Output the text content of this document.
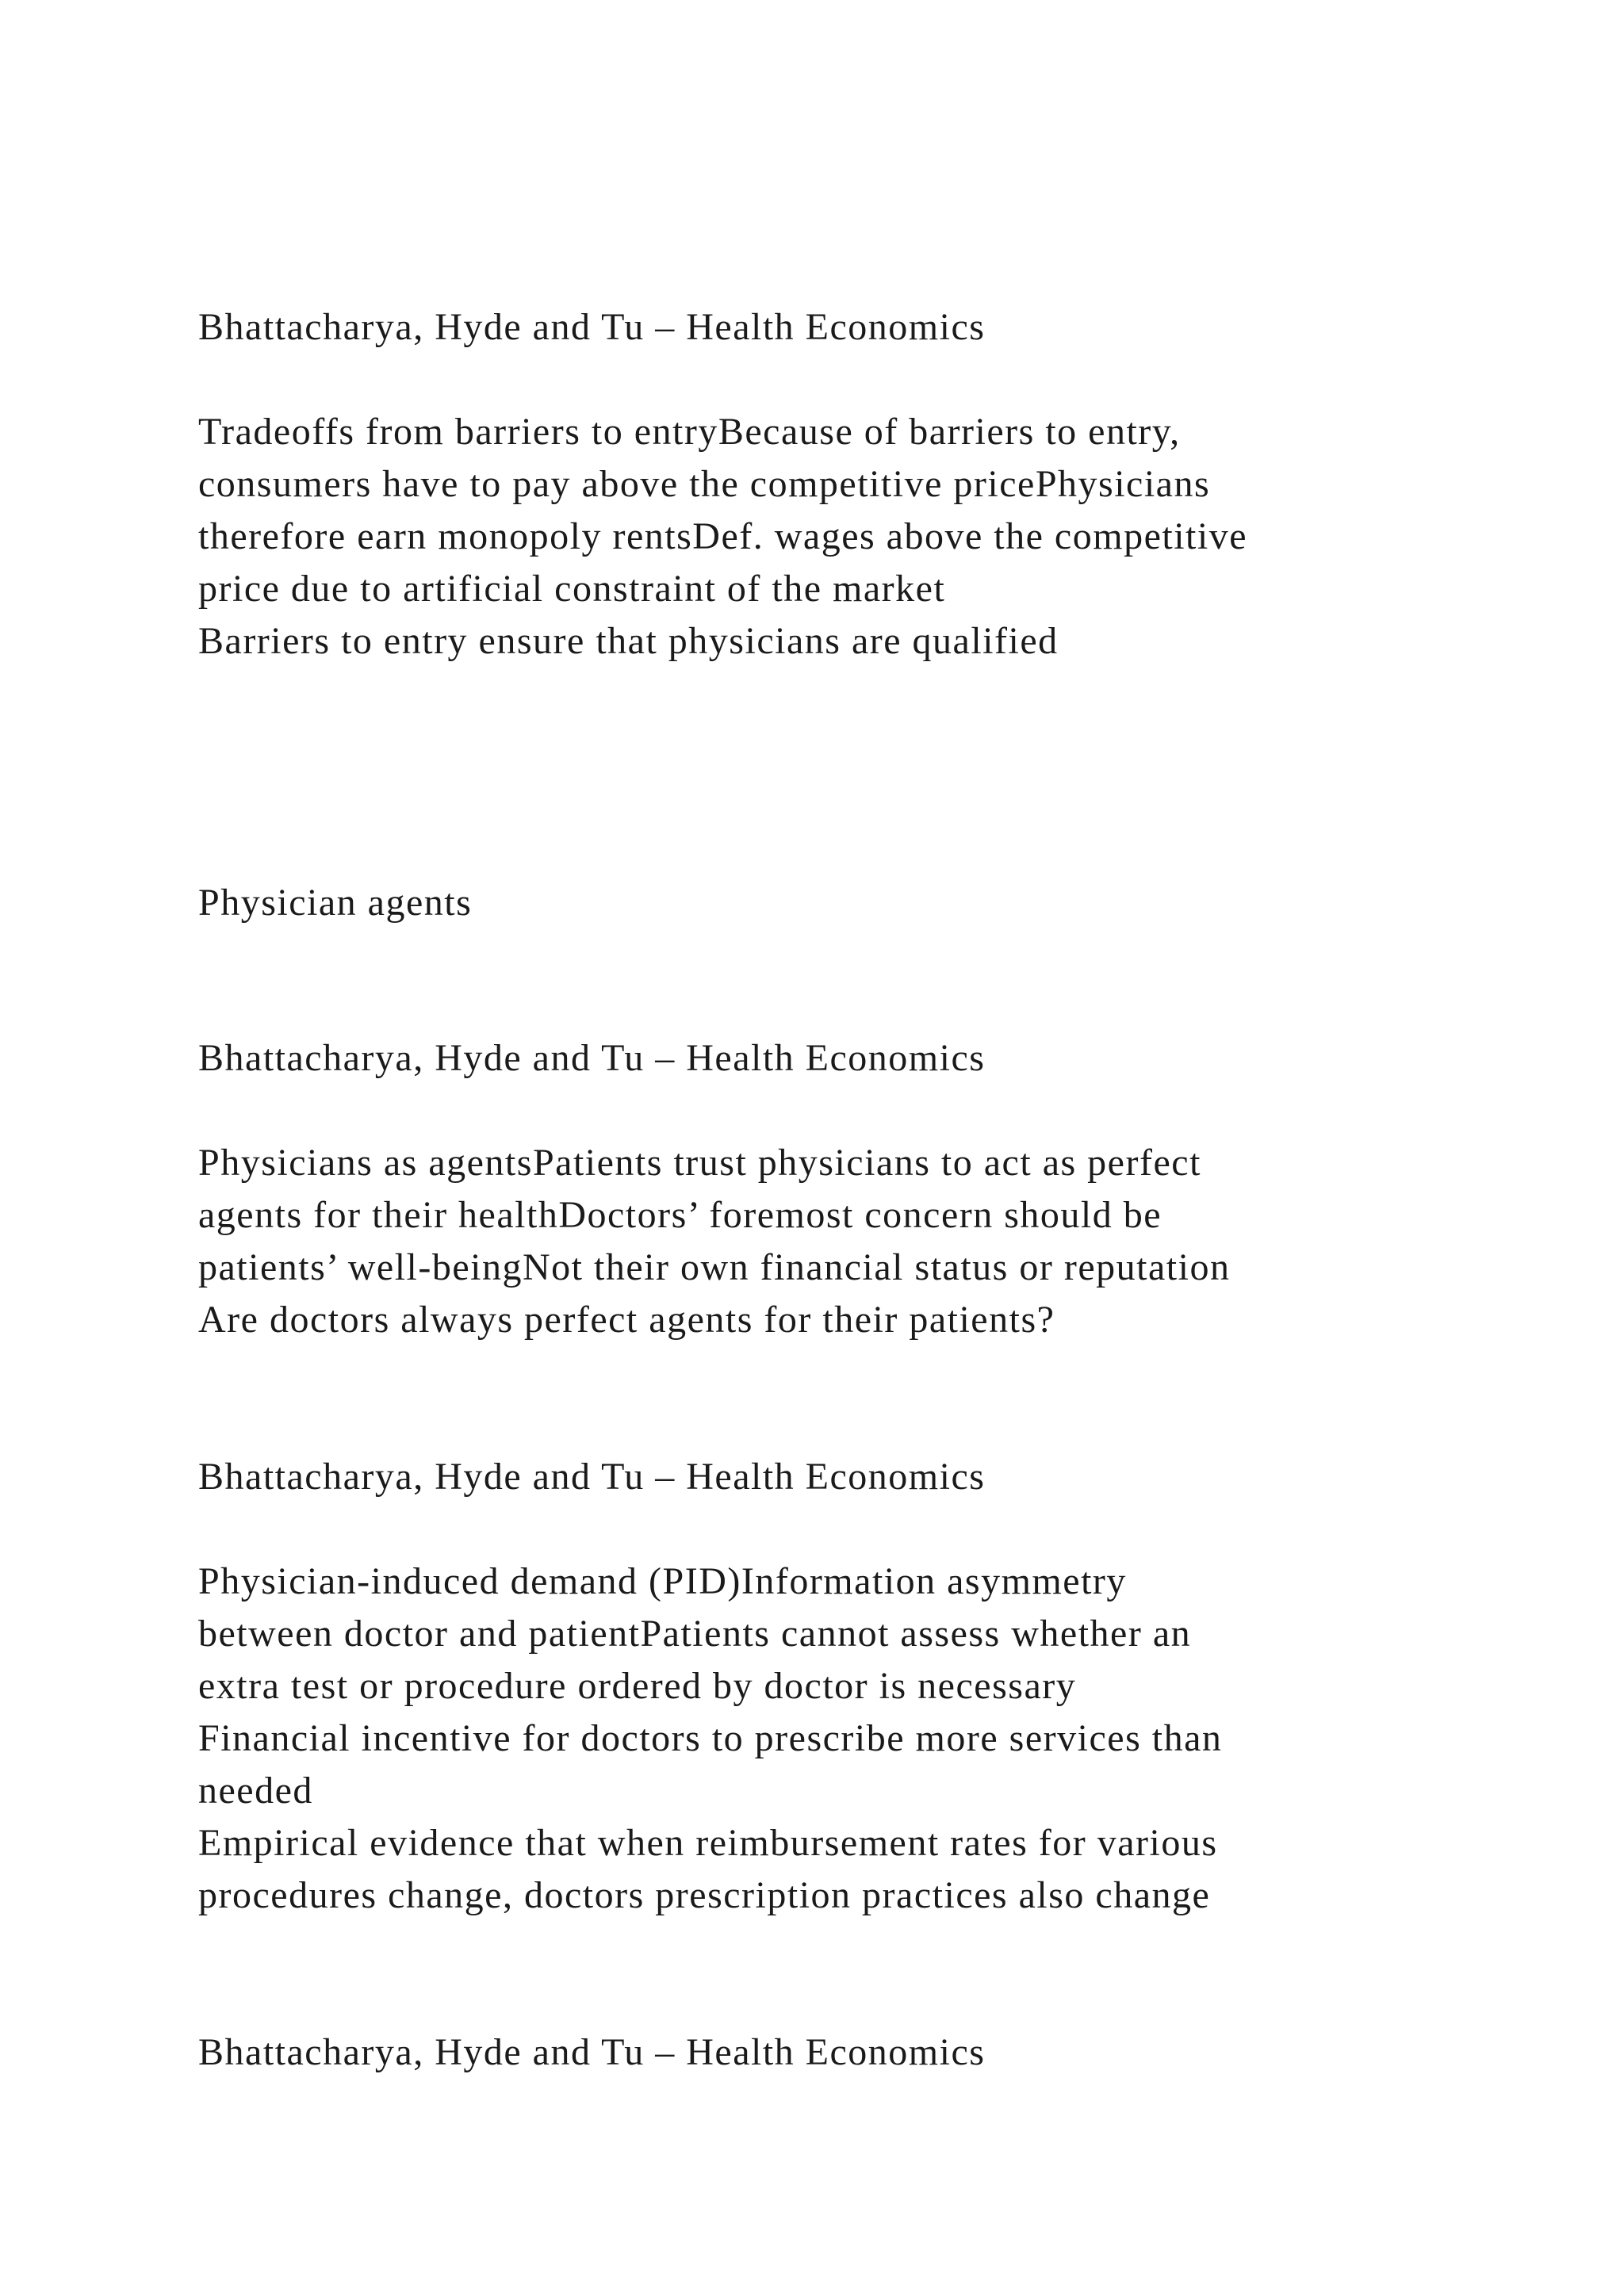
Bhattacharya, Hyde and Tu – Health Economics
Tradeoffs from barriers to entryBecause of barriers to entry,
consumers have to pay above the competitive pricePhysicians
therefore earn monopoly rentsDef. wages above the competitive
price due to artificial constraint of the market
Barriers to entry ensure that physicians are qualified
Physician agents
Bhattacharya, Hyde and Tu – Health Economics
Physicians as agentsPatients trust physicians to act as perfect
agents for their healthDoctors’ foremost concern should be
patients’ well-beingNot their own financial status or reputation
Are doctors always perfect agents for their patients?
Bhattacharya, Hyde and Tu – Health Economics
Physician-induced demand (PID)Information asymmetry
between doctor and patientPatients cannot assess whether an
extra test or procedure ordered by doctor is necessary
Financial incentive for doctors to prescribe more services than
needed
Empirical evidence that when reimbursement rates for various
procedures change, doctors prescription practices also change
Bhattacharya, Hyde and Tu – Health Economics
